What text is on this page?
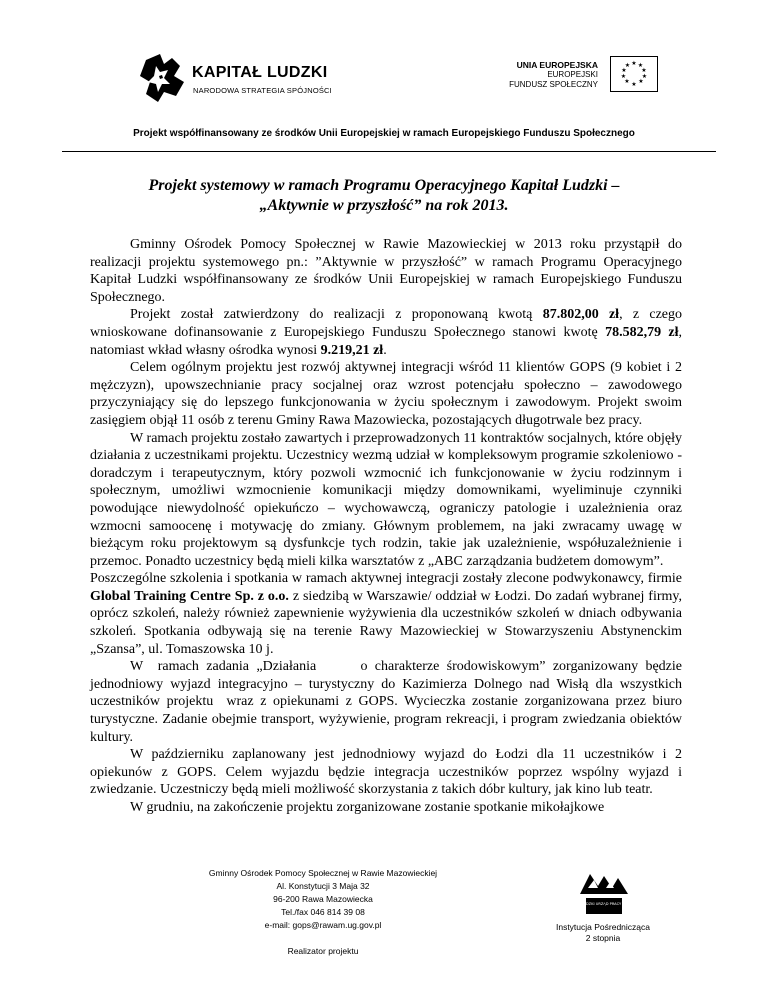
KAPITAŁ LUDZKI
NARODOWA STRATEGIA SPÓJNOŚCI
UNIA EUROPEJSKA
EUROPEJSKI
FUNDUSZ SPOŁECZNY
★ ★
★
★
★
★
★
★
★
★
Projekt współfinansowany ze środków Unii Europejskiej w ramach Europejskiego Funduszu Społecznego
Projekt systemowy w ramach Programu Operacyjnego Kapitał Ludzki –
„Aktywnie w przyszłość” na rok 2013.

Gminny Ośrodek Pomocy Społecznej w Rawie Mazowieckiej w 2013 roku przystąpił do realizacji projektu systemowego pn.: ”Aktywnie w przyszłość” w ramach Programu Operacyjnego Kapitał Ludzki współfinansowany ze środków Unii Europejskiej w ramach Europejskiego Funduszu Społecznego.

Projekt został zatwierdzony do realizacji z proponowaną kwotą 87.802,00 zł, z czego wnioskowane dofinansowanie z Europejskiego Funduszu Społecznego stanowi kwotę 78.582,79 zł, natomiast wkład własny ośrodka wynosi 9.219,21 zł.

Celem ogólnym projektu jest rozwój aktywnej integracji wśród 11 klientów GOPS (9 kobiet i 2 mężczyzn), upowszechnianie pracy socjalnej oraz wzrost potencjału społeczno – zawodowego przyczyniający się do lepszego funkcjonowania w życiu społecznym i zawodowym. Projekt swoim zasięgiem objął 11 osób z terenu Gminy Rawa Mazowiecka, pozostających długotrwale bez pracy.

W ramach projektu zostało zawartych i przeprowadzonych 11 kontraktów socjalnych, które objęły działania z uczestnikami projektu. Uczestnicy wezmą udział w kompleksowym programie szkoleniowo - doradczym i terapeutycznym, który pozwoli wzmocnić ich funkcjonowanie w życiu rodzinnym i społecznym, umożliwi wzmocnienie komunikacji między domownikami, wyeliminuje czynniki powodujące niewydolność opiekuńczo – wychowawczą, ograniczy patologie i uzależnienia oraz wzmocni samoocenę i motywację do zmiany. Głównym problemem, na jaki zwracamy uwagę w bieżącym roku projektowym są dysfunkcje tych rodzin, takie jak uzależnienie, współuzależnienie i przemoc. Ponadto uczestnicy będą mieli kilka warsztatów z „ABC zarządzania budżetem domowym”.

Poszczególne szkolenia i spotkania w ramach aktywnej integracji zostały zlecone podwykonawcy, firmie Global Training Centre Sp. z o.o. z siedzibą w Warszawie/ oddział w Łodzi. Do zadań wybranej firmy, oprócz szkoleń, należy również zapewnienie wyżywienia dla uczestników szkoleń w dniach odbywania szkoleń. Spotkania odbywają się na terenie Rawy Mazowieckiej w Stowarzyszeniu Abstynenckim „Szansa”, ul. Tomaszowska 10 j.

W  ramach zadania „Działania      o charakterze środowiskowym” zorganizowany będzie jednodniowy wyjazd integracyjno – turystyczny do Kazimierza Dolnego nad Wisłą dla wszystkich uczestników projektu  wraz z opiekunami z GOPS. Wycieczka zostanie zorganizowana przez biuro turystyczne. Zadanie obejmie transport, wyżywienie, program rekreacji, i program zwiedzania obiektów kultury.

W październiku zaplanowany jest jednodniowy wyjazd do Łodzi dla 11 uczestników i 2 opiekunów z GOPS. Celem wyjazdu będzie integracja uczestników poprzez wspólny wyjazd i zwiedzanie. Uczestniczy będą mieli możliwość skorzystania z takich dóbr kultury, jak kino lub teatr.

W grudniu, na zakończenie projektu zorganizowane zostanie spotkanie mikołajkowe

Gminny Ośrodek Pomocy Społecznej w Rawie Mazowieckiej
Al. Konstytucji 3 Maja 32
96-200 Rawa Mazowiecka
Tel./fax 046 814 39 08
e-mail: gops@rawam.ug.gov.pl
Realizator projektu
WOJEWÓDZKI URZĄD PRACY W ŁODZI
Instytucja Pośrednicząca
2 stopnia
